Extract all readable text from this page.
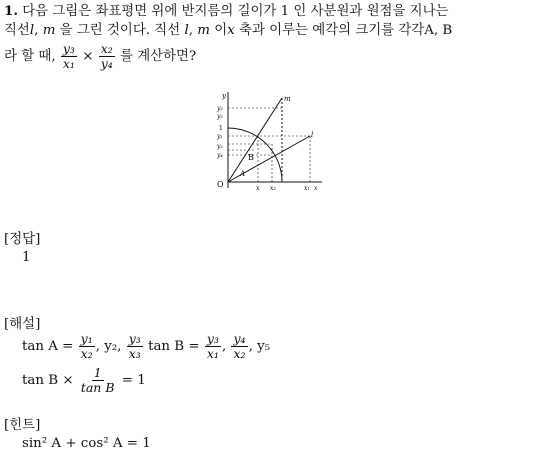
1. 다음 그림은 좌표평면 위에 반지름의 길이가 1 인 사분원과 원점을 지나는
직선l, m 을 그린 것이다. 직선 l, m 이x 축과 이루는 예각의 크기를 각각A, B
라 할 때, $\frac{\text{y₃}}{\text{x₁}} \times \frac{\text{x₂}}{\text{y₄}}$ 를 계산하면?
y	m
l
O
y₃
y₅
1
y₁
y₂
y₄	B
A
x x₂	x₁ x
[정답]
1
[해설]
$\tan A = \frac{\text{y₁}}{\text{x₂}}$ , y₂, $\frac{\text{y₃}}{\text{x₃}}$ $\tan B = \frac{\text{y₃}}{\text{x₁}}$ , $\frac{\text{y₄}}{\text{x₂}}$ , y₅
$\tan B \times \frac{1}{\text{tan B}} = 1$
[힌트]
sin² A + cos² A = 1
